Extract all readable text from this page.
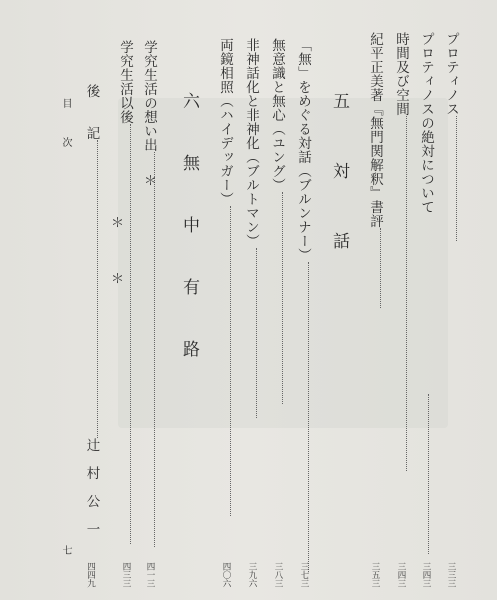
プロティノス
三三三
プロティノスの絶対について
三四三
時間及び空間
三四三
紀平正美著『無門関解釈』書評
三五三
五　対　話
「無」をめぐる対話（ブルンナー）
三七三
無意識と無心（ユング）
三八三
非神話化と非神化（ブルトマン）
三九六
両鏡相照（ハイデッガー）
四〇六
六　無　中　有　路
学究生活の想い出
四一三
学究生活以後
四三三
＊
＊
＊
後　　記辻　村　公　一
四四九
目　　次
七
